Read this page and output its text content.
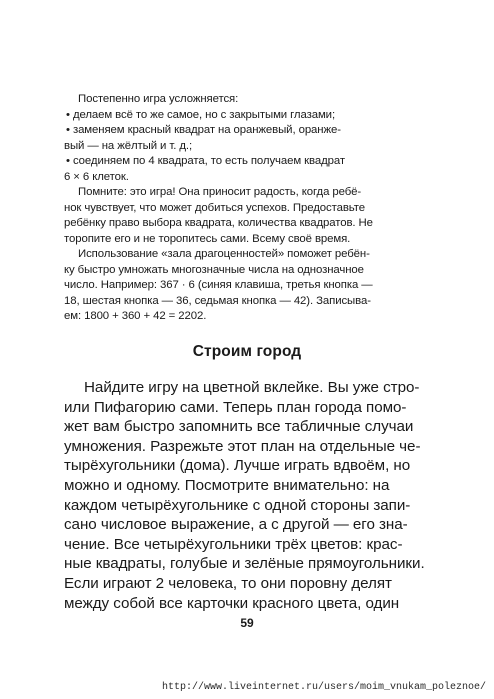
Постепенно игра усложняется:
• делаем всё то же самое, но с закрытыми глазами;
• заменяем красный квадрат на оранжевый, оранже-
вый — на жёлтый и т. д.;
• соединяем по 4 квадрата, то есть получаем квадрат
6 × 6 клеток.
Помните: это игра! Она приносит радость, когда ребё-
нок чувствует, что может добиться успехов. Предоставьте
ребёнку право выбора квадрата, количества квадратов. Не
торопите его и не торопитесь сами. Всему своё время.
Использование «зала драгоценностей» поможет ребён-
ку быстро умножать многозначные числа на однозначное
число. Например: 367 · 6 (синяя клавиша, третья кнопка —
18, шестая кнопка — 36, седьмая кнопка — 42). Записыва-
ем: 1800 + 360 + 42 = 2202.
Строим город
Найдите игру на цветной вклейке. Вы уже стро-
или Пифагорию сами. Теперь план города помо-
жет вам быстро запомнить все табличные случаи
умножения. Разрежьте этот план на отдельные че-
тырёхугольники (дома). Лучше играть вдвоём, но
можно и одному. Посмотрите внимательно: на
каждом четырёхугольнике с одной стороны запи-
сано числовое выражение, а с другой — его зна-
чение. Все четырёхугольники трёх цветов: крас-
ные квадраты, голубые и зелёные прямоугольники.
Если играют 2 человека, то они поровну делят
между собой все карточки красного цвета, один
59
http://www.liveinternet.ru/users/moim_vnukam_poleznoe/
